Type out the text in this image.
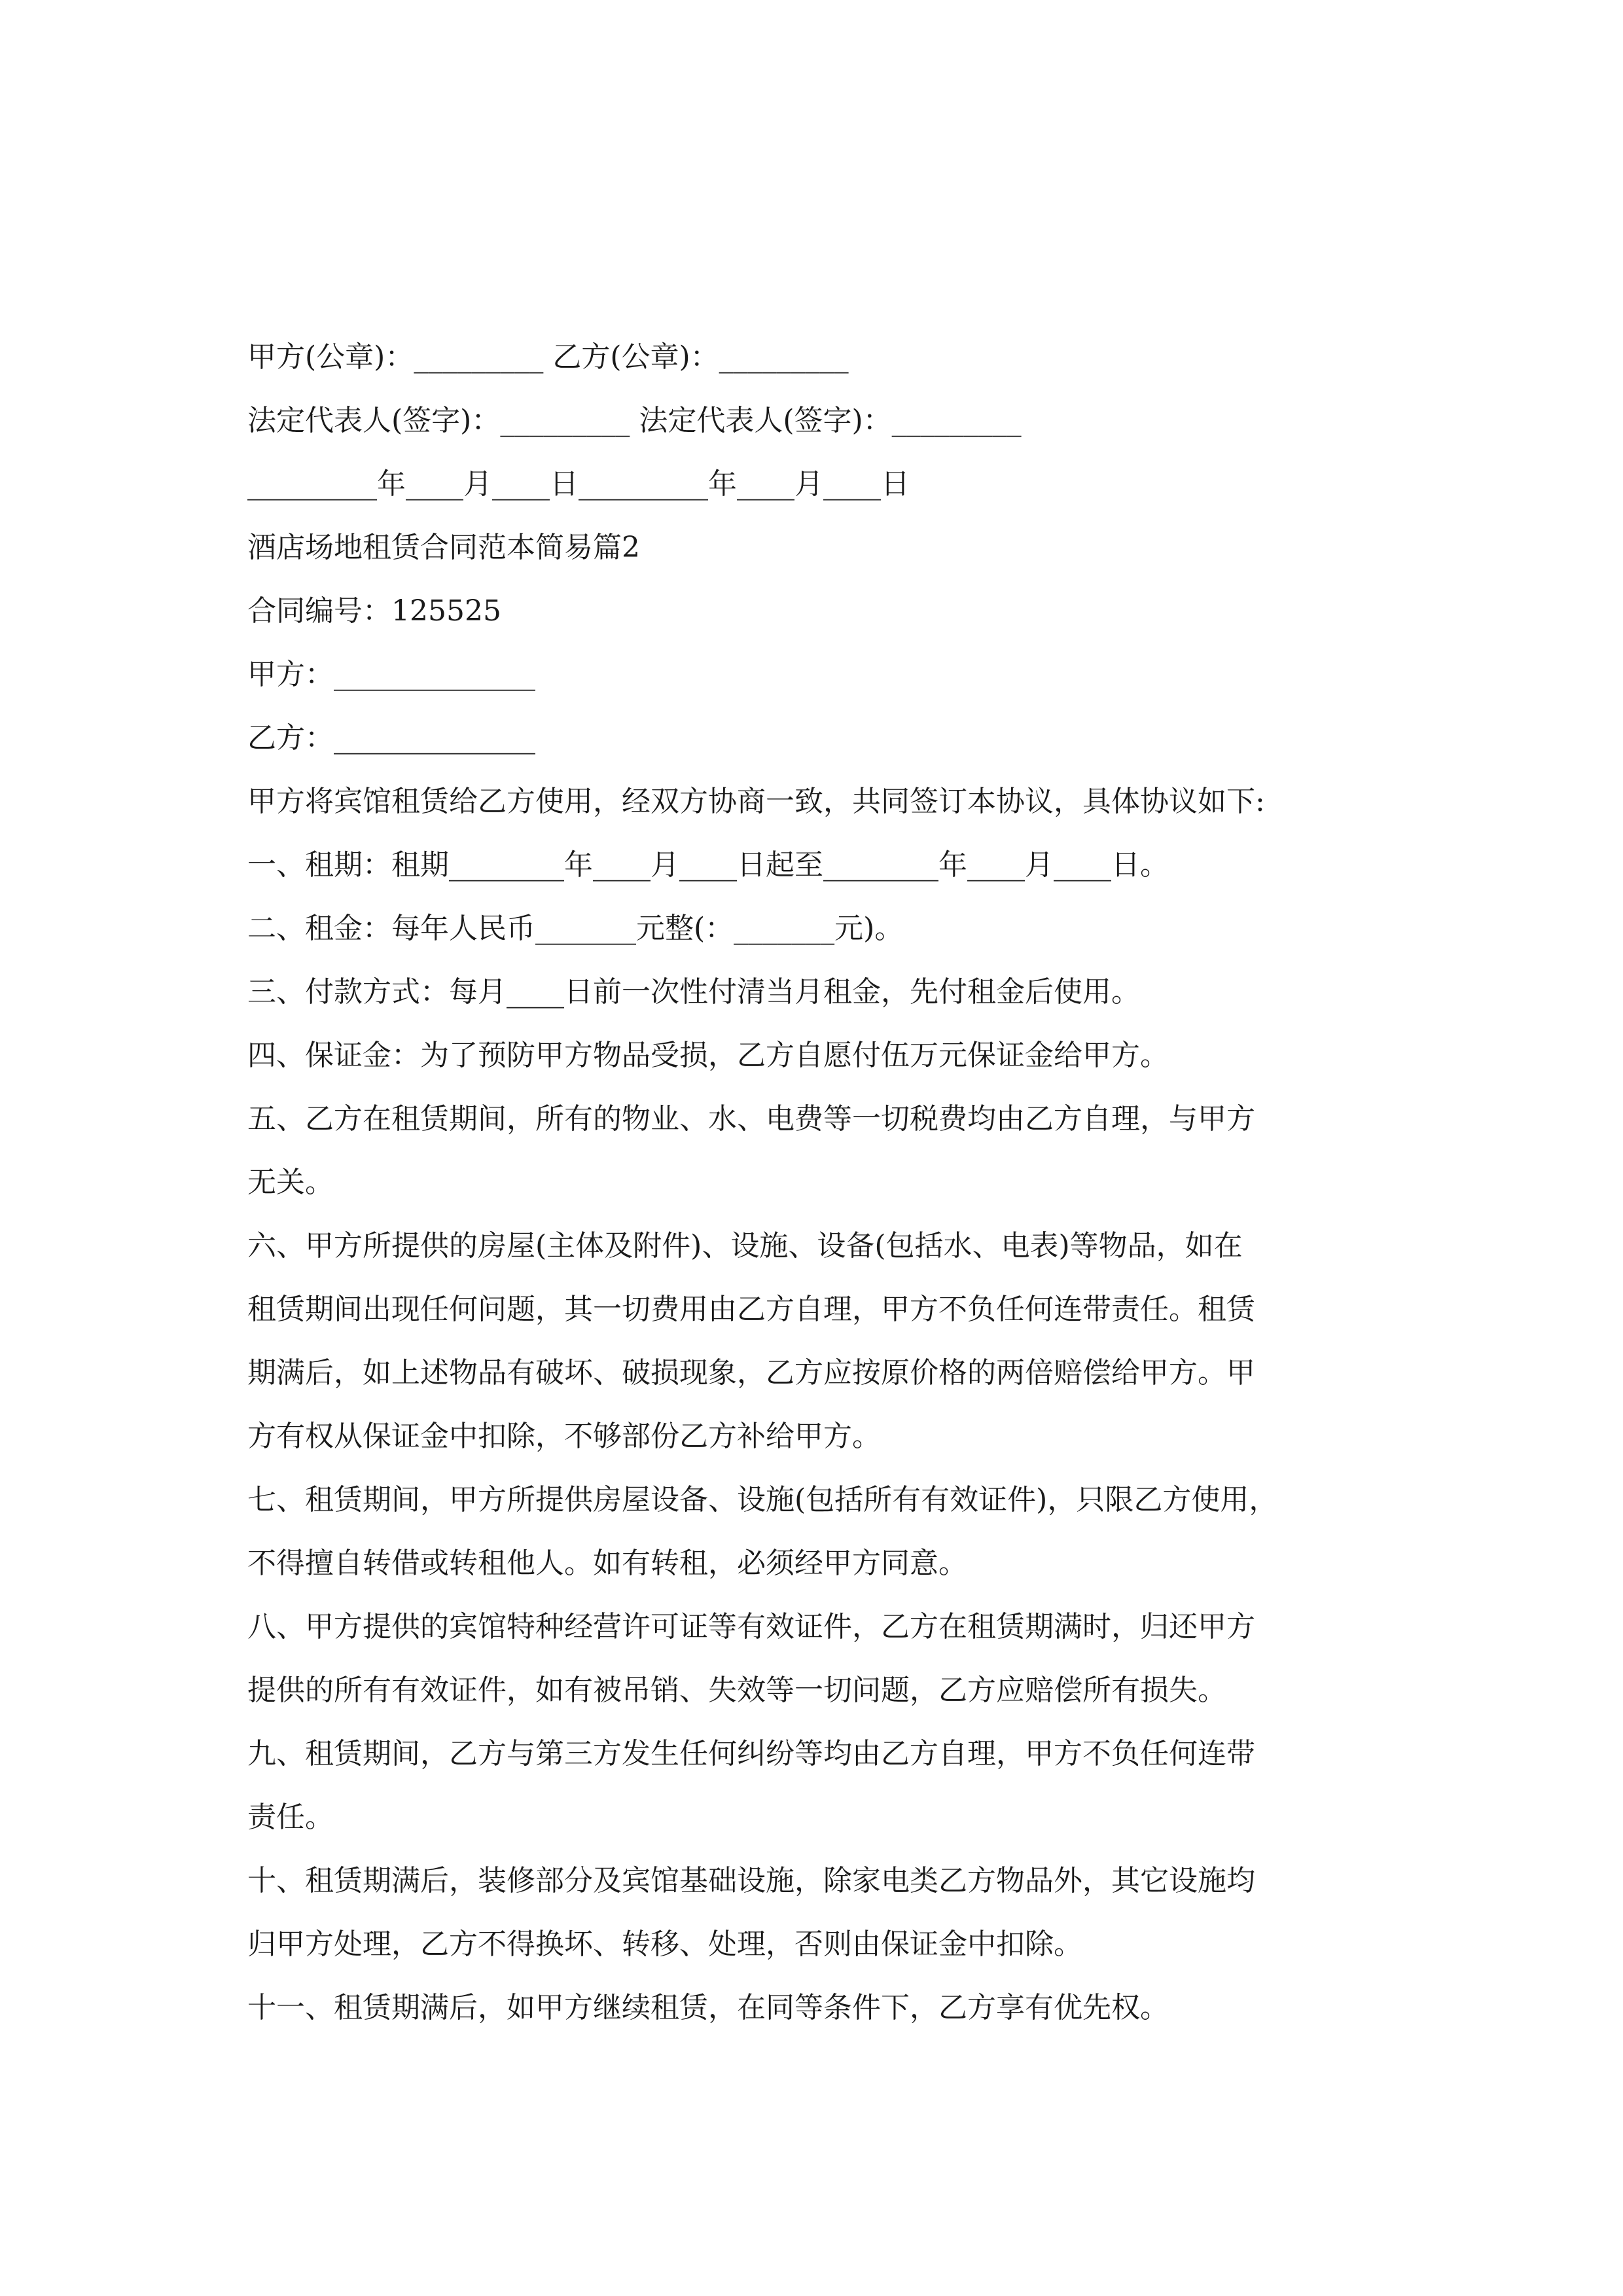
甲方(公章)：_________ 乙方(公章)：_________
法定代表人(签字)：_________ 法定代表人(签字)：_________
_________年____月____日_________年____月____日
酒店场地租赁合同范本简易篇2
合同编号：125525
甲方：______________
乙方：______________
甲方将宾馆租赁给乙方使用，经双方协商一致，共同签订本协议，具体协议如下:
一、租期：租期________年____月____日起至________年____月____日。
二、租金：每年人民币_______元整(：_______元)。
三、付款方式：每月____日前一次性付清当月租金，先付租金后使用。
四、保证金：为了预防甲方物品受损，乙方自愿付伍万元保证金给甲方。
五、乙方在租赁期间，所有的物业、水、电费等一切税费均由乙方自理，与甲方
无关。
六、甲方所提供的房屋(主体及附件)、设施、设备(包括水、电表)等物品，如在
租赁期间出现任何问题，其一切费用由乙方自理，甲方不负任何连带责任。租赁
期满后，如上述物品有破坏、破损现象，乙方应按原价格的两倍赔偿给甲方。甲
方有权从保证金中扣除，不够部份乙方补给甲方。
七、租赁期间，甲方所提供房屋设备、设施(包括所有有效证件)，只限乙方使用，
不得擅自转借或转租他人。如有转租，必须经甲方同意。
八、甲方提供的宾馆特种经营许可证等有效证件，乙方在租赁期满时，归还甲方
提供的所有有效证件，如有被吊销、失效等一切问题，乙方应赔偿所有损失。
九、租赁期间，乙方与第三方发生任何纠纷等均由乙方自理，甲方不负任何连带
责任。
十、租赁期满后，装修部分及宾馆基础设施，除家电类乙方物品外，其它设施均
归甲方处理，乙方不得换坏、转移、处理，否则由保证金中扣除。
十一、租赁期满后，如甲方继续租赁，在同等条件下，乙方享有优先权。
